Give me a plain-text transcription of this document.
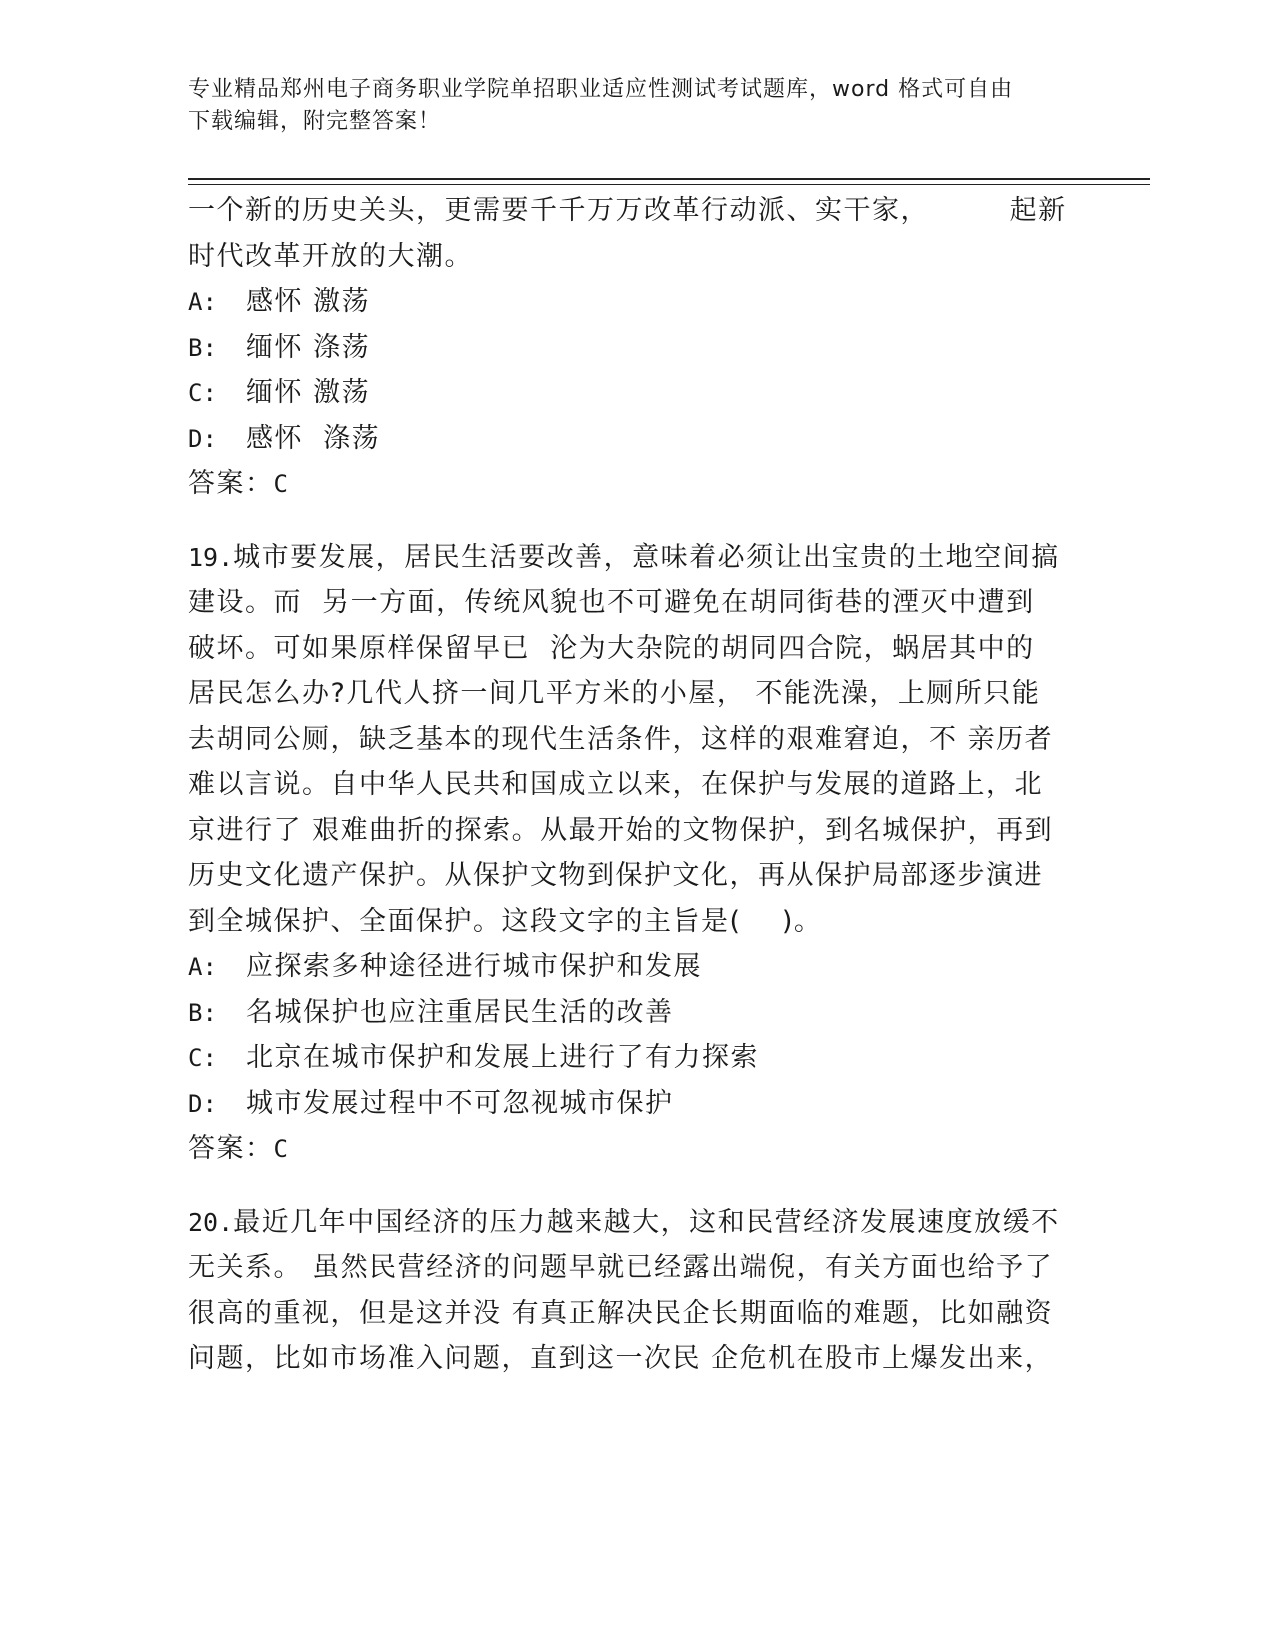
专业精品郑州电子商务职业学院单招职业适应性测试考试题库，word 格式可自由
下载编辑，附完整答案！
一个新的历史关头，更需要千千万万改革行动派、实干家，        起新
时代改革开放的大潮。
A: 感怀 激荡
B: 缅怀 涤荡
C: 缅怀 激荡
D: 感怀  涤荡
答案：C
19.城市要发展，居民生活要改善，意味着必须让出宝贵的土地空间搞
建设。而  另一方面，传统风貌也不可避免在胡同街巷的湮灭中遭到
破坏。可如果原样保留早已  沦为大杂院的胡同四合院，蜗居其中的
居民怎么办?几代人挤一间几平方米的小屋， 不能洗澡，上厕所只能
去胡同公厕，缺乏基本的现代生活条件，这样的艰难窘迫，不 亲历者
难以言说。自中华人民共和国成立以来，在保护与发展的道路上，北
京进行了 艰难曲折的探索。从最开始的文物保护，到名城保护，再到
历史文化遗产保护。从保护文物到保护文化，再从保护局部逐步演进
到全城保护、全面保护。这段文字的主旨是(    )。
A: 应探索多种途径进行城市保护和发展
B: 名城保护也应注重居民生活的改善
C: 北京在城市保护和发展上进行了有力探索
D: 城市发展过程中不可忽视城市保护
答案：C
20.最近几年中国经济的压力越来越大，这和民营经济发展速度放缓不
无关系。 虽然民营经济的问题早就已经露出端倪，有关方面也给予了
很高的重视，但是这并没 有真正解决民企长期面临的难题，比如融资
问题，比如市场准入问题，直到这一次民 企危机在股市上爆发出来，
